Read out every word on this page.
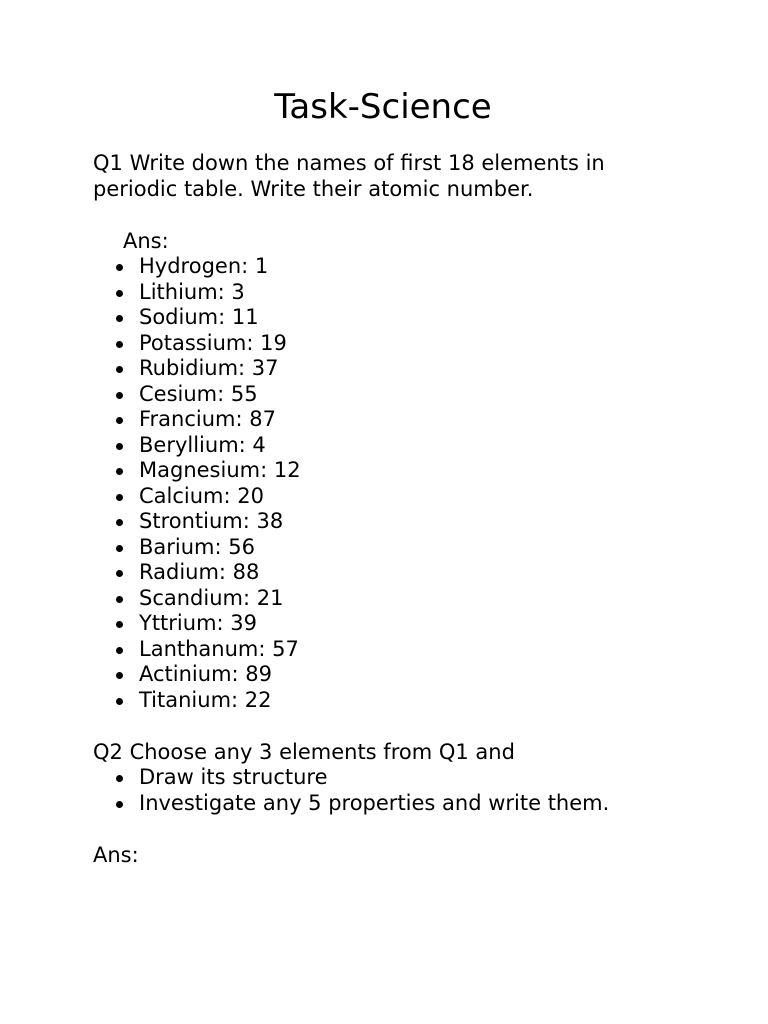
Task-Science

Q1 Write down the names of first 18 elements in periodic table. Write their atomic number.

Ans:

Hydrogen: 1
Lithium: 3
Sodium: 11
Potassium: 19
Rubidium: 37
Cesium: 55
Francium: 87
Beryllium: 4
Magnesium: 12
Calcium: 20
Strontium: 38
Barium: 56
Radium: 88
Scandium: 21
Yttrium: 39
Lanthanum: 57
Actinium: 89
Titanium: 22

Q2 Choose any 3 elements from Q1 and

Draw its structure
Investigate any 5 properties and write them.

Ans:
